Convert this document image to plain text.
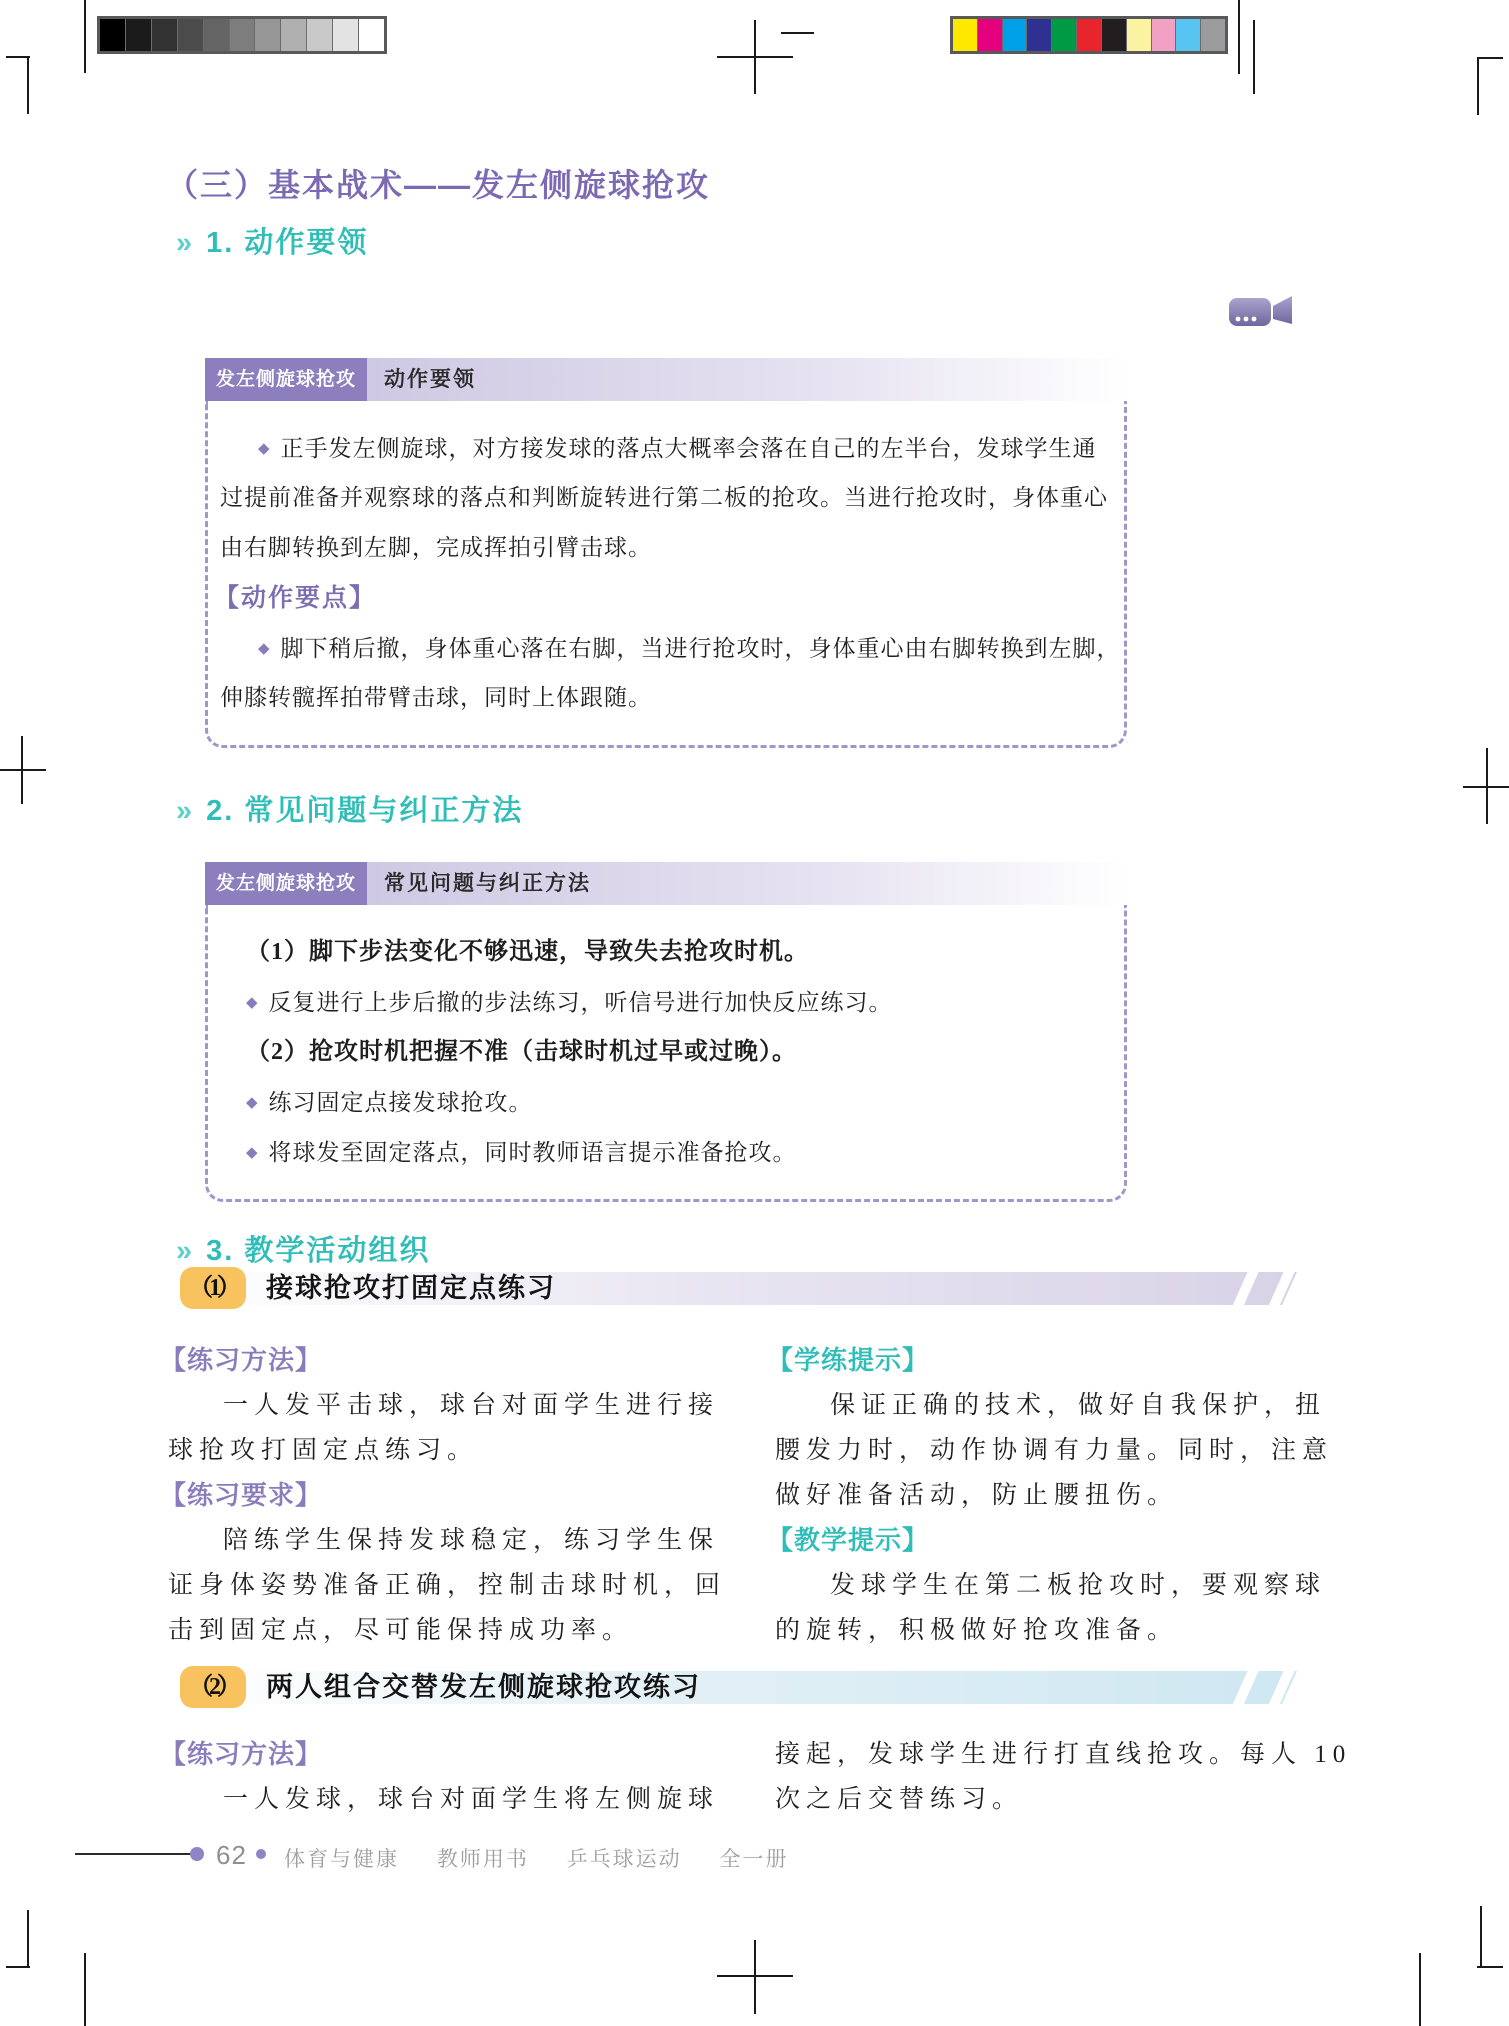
（三）基本战术——发左侧旋球抢攻
» 1. 动作要领
发左侧旋球抢攻	动作要领
◆ 正手发左侧旋球，对方接发球的落点大概率会落在自己的左半台，发球学生通
过提前准备并观察球的落点和判断旋转进行第二板的抢攻。当进行抢攻时，身体重心
由右脚转换到左脚，完成挥拍引臂击球。
【动作要点】
◆ 脚下稍后撤，身体重心落在右脚，当进行抢攻时，身体重心由右脚转换到左脚，
伸膝转髋挥拍带臂击球，同时上体跟随。
» 2. 常见问题与纠正方法
发左侧旋球抢攻	常见问题与纠正方法
（1）脚下步法变化不够迅速，导致失去抢攻时机。
◆ 反复进行上步后撤的步法练习，听信号进行加快反应练习。
（2）抢攻时机把握不准（击球时机过早或过晚）。
◆ 练习固定点接发球抢攻。
◆ 将球发至固定落点，同时教师语言提示准备抢攻。
» 3. 教学活动组织
（1）	接球抢攻打固定点练习
【练习方法】
一人发平击球，球台对面学生进行接
球抢攻打固定点练习。
【练习要求】
陪练学生保持发球稳定，练习学生保
证身体姿势准备正确，控制击球时机，回
击到固定点，尽可能保持成功率。
【学练提示】
保证正确的技术，做好自我保护，扭
腰发力时，动作协调有力量。同时，注意
做好准备活动，防止腰扭伤。
【教学提示】
发球学生在第二板抢攻时，要观察球
的旋转，积极做好抢攻准备。
（2）	两人组合交替发左侧旋球抢攻练习
【练习方法】
一人发球，球台对面学生将左侧旋球
接起，发球学生进行打直线抢攻。每人 10
次之后交替练习。
62 体育与健康 教师用书 乒乓球运动 全一册
